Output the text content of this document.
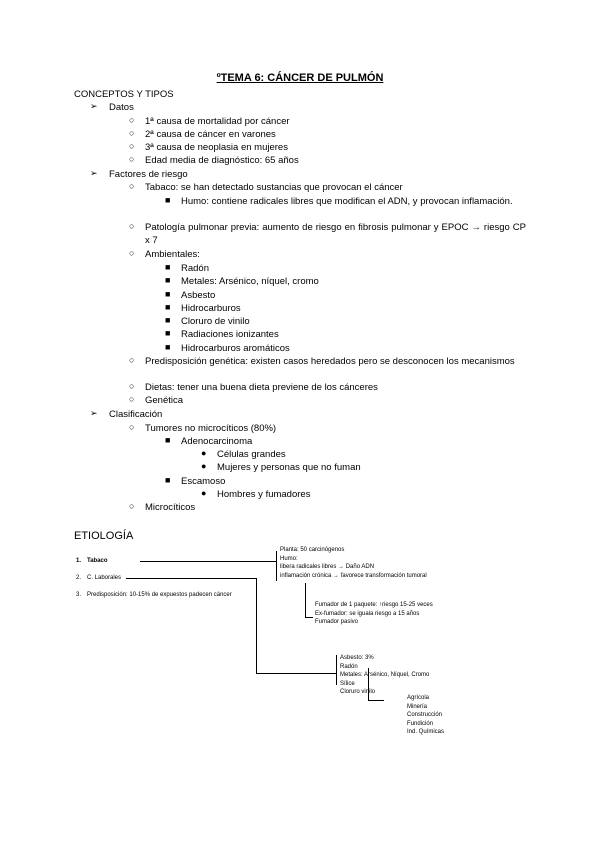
ºTEMA 6: CÁNCER DE PULMÓN
CONCEPTOS Y TIPOS
➢ Datos
○ 1ª causa de mortalidad por cáncer
○ 2ª causa de cáncer en varones
○ 3ª causa de neoplasia en mujeres
○ Edad media de diagnóstico: 65 años
➢ Factores de riesgo
○ Tabaco: se han detectado sustancias que provocan el cáncer
■ Humo: contiene radicales libres que modifican el ADN, y provocan inflamación.
○ Patología pulmonar previa: aumento de riesgo en fibrosis pulmonar y EPOC → riesgo CP x 7
○ Ambientales:
■ Radón
■ Metales: Arsénico, níquel, cromo
■ Asbesto
■ Hidrocarburos
■ Cloruro de vinilo
■ Radiaciones ionizantes
■ Hidrocarburos aromáticos
○ Predisposición genética: existen casos heredados pero se desconocen los mecanismos
○ Dietas: tener una buena dieta previene de los cánceres
○ Genética
➢ Clasificación
○ Tumores no microcíticos (80%)
■ Adenocarcinoma
● Células grandes
● Mujeres y personas que no fuman
■ Escamoso
● Hombres y fumadores
○ Microcíticos
ETIOLOGÍA
1. Tabaco
2. C. Laborales
3. Predisposición: 10-15% de expuestos padecen cáncer
Planta: 50 carcinógenos
Humo:
libera radicales libres → Daño ADN
inflamación crónica → favorece transformación tumoral
Fumador de 1 paquete: ↑riesgo 15-25 veces
Ex-fumador: se iguala riesgo a 15 años
Fumador pasivo
Asbesto: 3%
Radón
Metales: Arsénico, Níquel, Cromo
Sílice
Cloruro vinilo
Agrícola
Minería
Construcción
Fundición
Ind. Químicas
